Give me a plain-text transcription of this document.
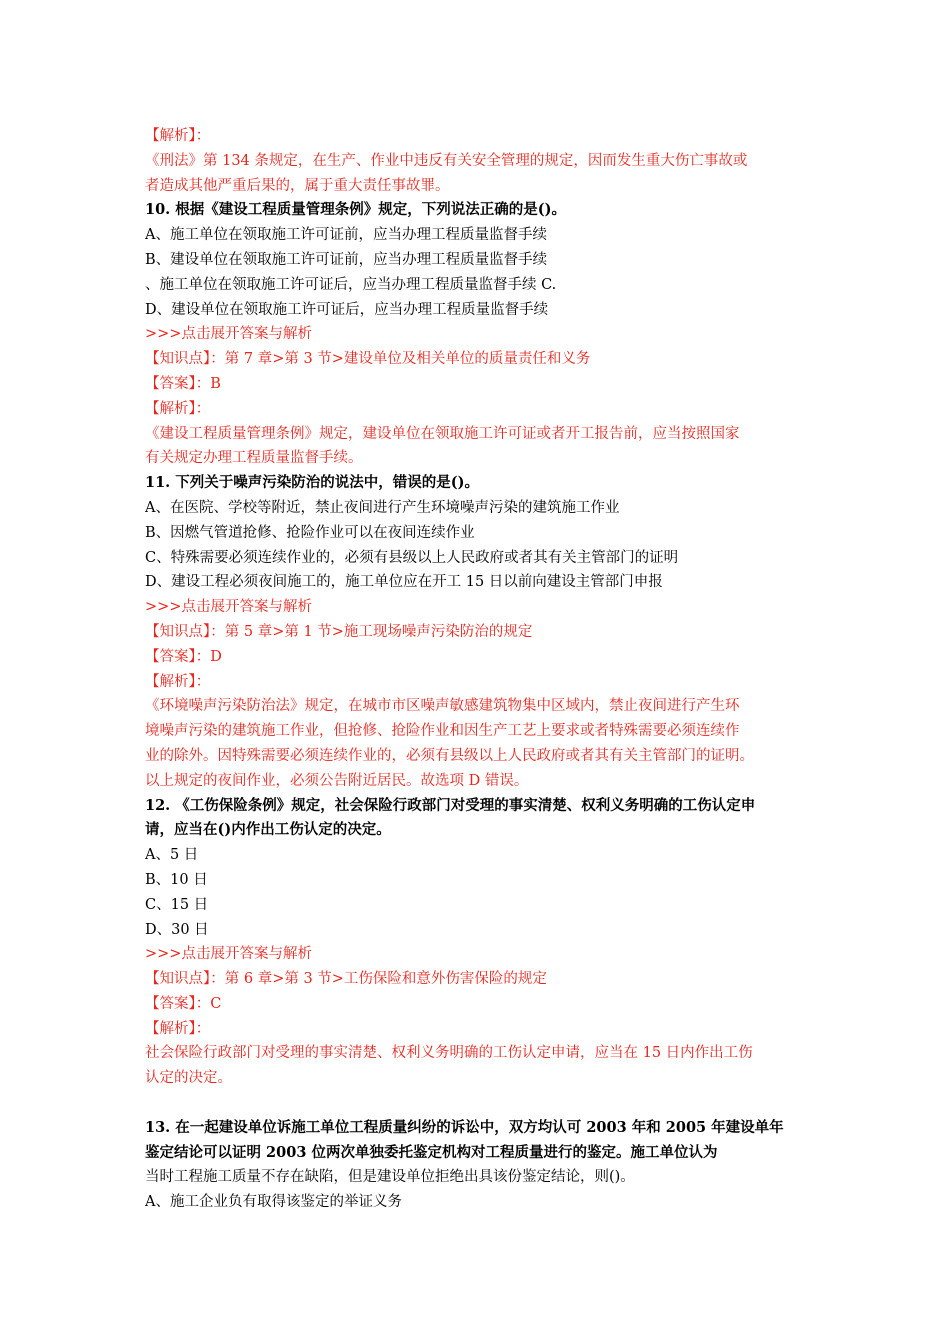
【解析】：
《刑法》第 134 条规定，在生产、作业中违反有关安全管理的规定，因而发生重大伤亡事故或
者造成其他严重后果的，属于重大责任事故罪。
10. 根据《建设工程质量管理条例》规定，下列说法正确的是()。
A、施工单位在领取施工许可证前，应当办理工程质量监督手续
B、建设单位在领取施工许可证前，应当办理工程质量监督手续
、施工单位在领取施工许可证后，应当办理工程质量监督手续 C.
D、建设单位在领取施工许可证后，应当办理工程质量监督手续
>>>点击展开答案与解析
【知识点】：第 7 章>第 3 节>建设单位及相关单位的质量责任和义务
【答案】：B
【解析】：
《建设工程质量管理条例》规定，建设单位在领取施工许可证或者开工报告前，应当按照国家
有关规定办理工程质量监督手续。
11. 下列关于噪声污染防治的说法中，错误的是()。
A、在医院、学校等附近，禁止夜间进行产生环境噪声污染的建筑施工作业
B、因燃气管道抢修、抢险作业可以在夜间连续作业
C、特殊需要必须连续作业的，必须有县级以上人民政府或者其有关主管部门的证明
D、建设工程必须夜间施工的，施工单位应在开工 15 日以前向建设主管部门申报
>>>点击展开答案与解析
【知识点】：第 5 章>第 1 节>施工现场噪声污染防治的规定
【答案】：D
【解析】：
《环境噪声污染防治法》规定，在城市市区噪声敏感建筑物集中区域内，禁止夜间进行产生环
境噪声污染的建筑施工作业，但抢修、抢险作业和因生产工艺上要求或者特殊需要必须连续作
业的除外。因特殊需要必须连续作业的，必须有县级以上人民政府或者其有关主管部门的证明。
以上规定的夜间作业，必须公告附近居民。故选项 D 错误。
12. 《工伤保险条例》规定，社会保险行政部门对受理的事实清楚、权利义务明确的工伤认定申
请，应当在()内作出工伤认定的决定。
A、5 日
B、10 日
C、15 日
D、30 日
>>>点击展开答案与解析
【知识点】：第 6 章>第 3 节>工伤保险和意外伤害保险的规定
【答案】：C
【解析】：
社会保险行政部门对受理的事实清楚、权利义务明确的工伤认定申请，应当在 15 日内作出工伤
认定的决定。
13. 在一起建设单位诉施工单位工程质量纠纷的诉讼中，双方均认可 2003 年和 2005 年建设单年
鉴定结论可以证明 2003 位两次单独委托鉴定机构对工程质量进行的鉴定。施工单位认为
当时工程施工质量不存在缺陷，但是建设单位拒绝出具该份鉴定结论，则()。
A、施工企业负有取得该鉴定的举证义务
